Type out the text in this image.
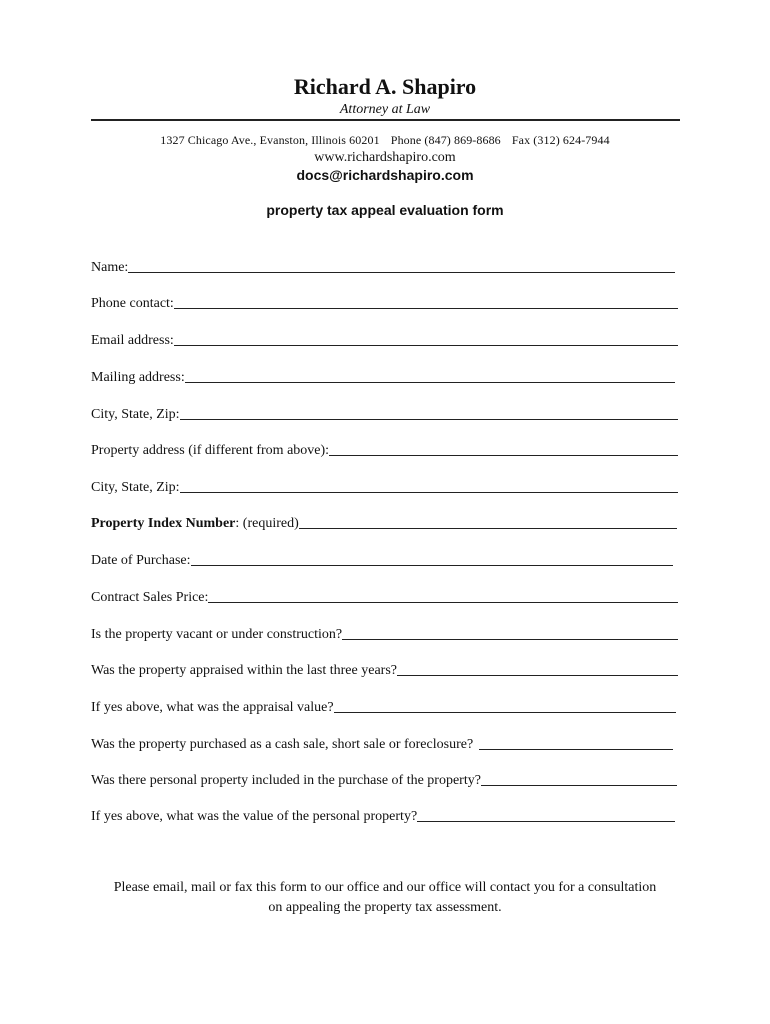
Richard A. Shapiro
Attorney at Law
1327 Chicago Ave., Evanston, Illinois 60201 Phone (847) 869-8686 Fax (312) 624-7944
www.richardshapiro.com
docs@richardshapiro.com
property tax appeal evaluation form
Name:
Phone contact:
Email address:
Mailing address:
City, State, Zip:
Property address (if different from above):
City, State, Zip:
Property Index Number: (required)
Date of Purchase:
Contract Sales Price:
Is the property vacant or under construction?
Was the property appraised within the last three years?
If yes above, what was the appraisal value?
Was the property purchased as a cash sale, short sale or foreclosure?
Was there personal property included in the purchase of the property?
If yes above, what was the value of the personal property?
Please email, mail or fax this form to our office and our office will contact you for a consultation
on appealing the property tax assessment.
